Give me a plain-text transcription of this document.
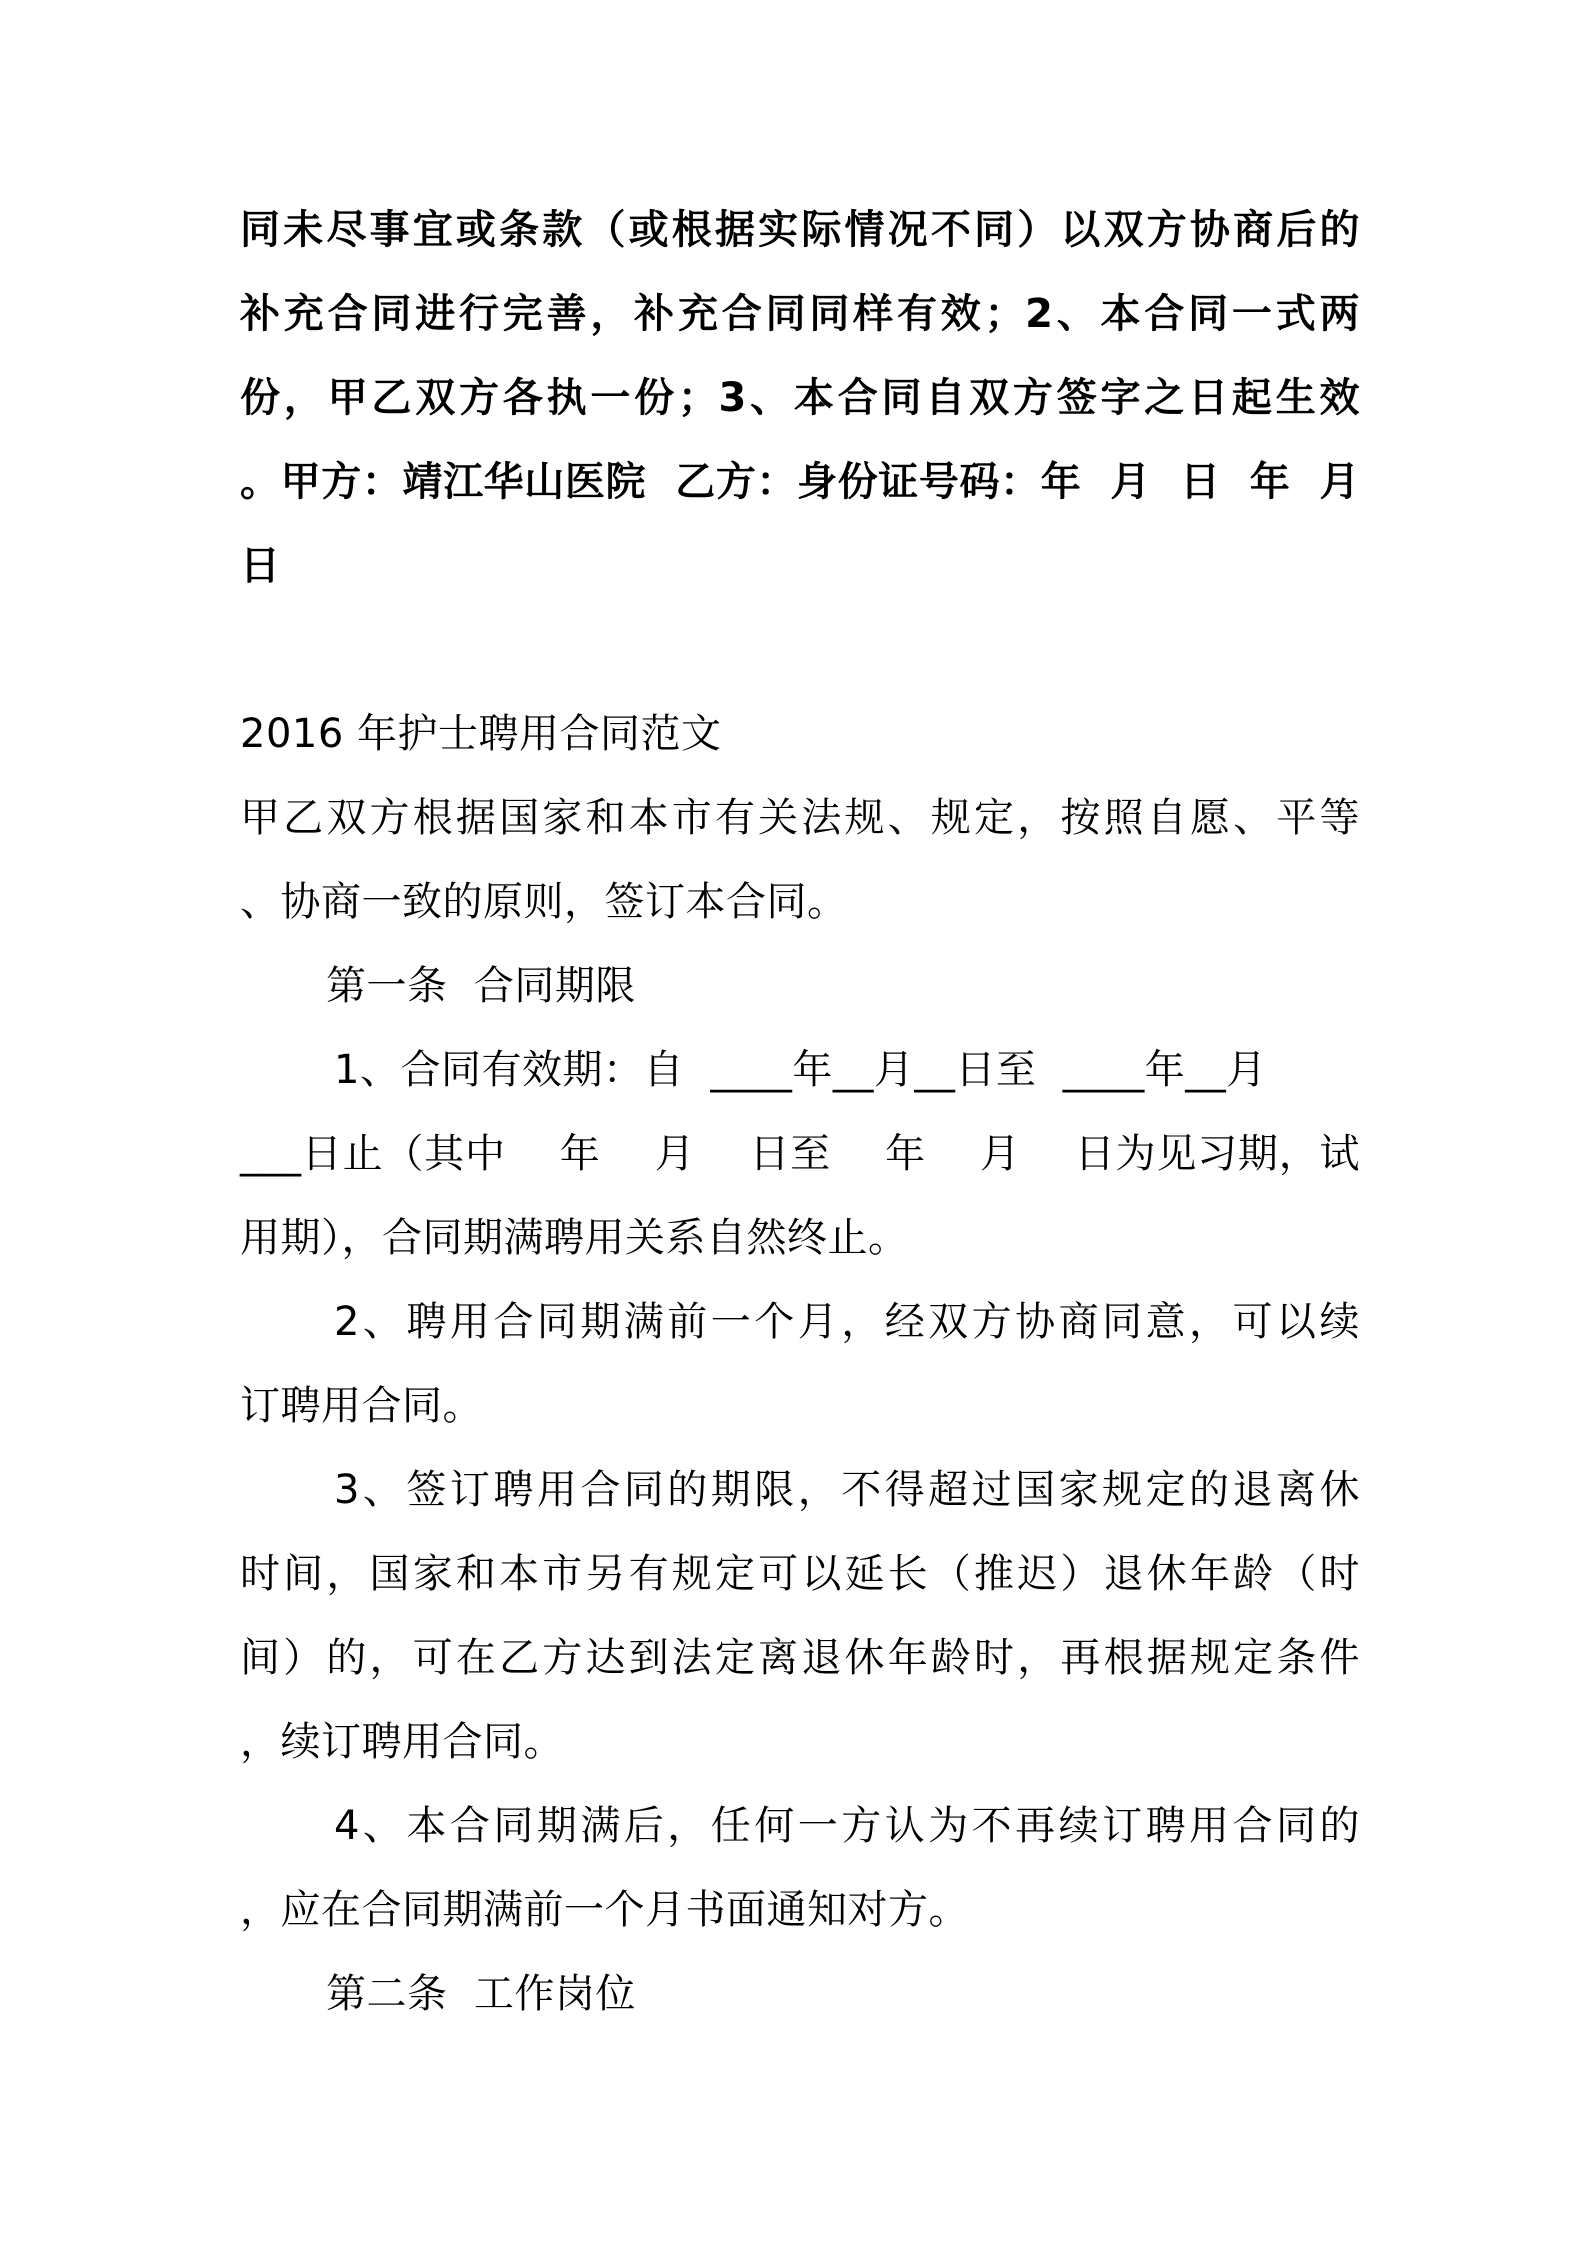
同未尽事宜或条款（或根据实际情况不同）以双方协商后的
补充合同进行完善，补充合同同样有效；2、本合同一式两
份，甲乙双方各执一份；3、本合同自双方签字之日起生效
。甲方：靖江华山医院  乙方：身份证号码：年  月  日  年  月
日
2016 年护士聘用合同范文
甲乙双方根据国家和本市有关法规、规定，按照自愿、平等
、协商一致的原则，签订本合同。
第一条  合同期限
1、合同有效期：自  ____年__月__日至  ____年__月
___日止（其中    年    月    日至    年    月    日为见习期，试
用期），合同期满聘用关系自然终止。
2、聘用合同期满前一个月，经双方协商同意，可以续
订聘用合同。
3、签订聘用合同的期限，不得超过国家规定的退离休
时间，国家和本市另有规定可以延长（推迟）退休年龄（时
间）的，可在乙方达到法定离退休年龄时，再根据规定条件
，续订聘用合同。
4、本合同期满后，任何一方认为不再续订聘用合同的
，应在合同期满前一个月书面通知对方。
第二条  工作岗位
